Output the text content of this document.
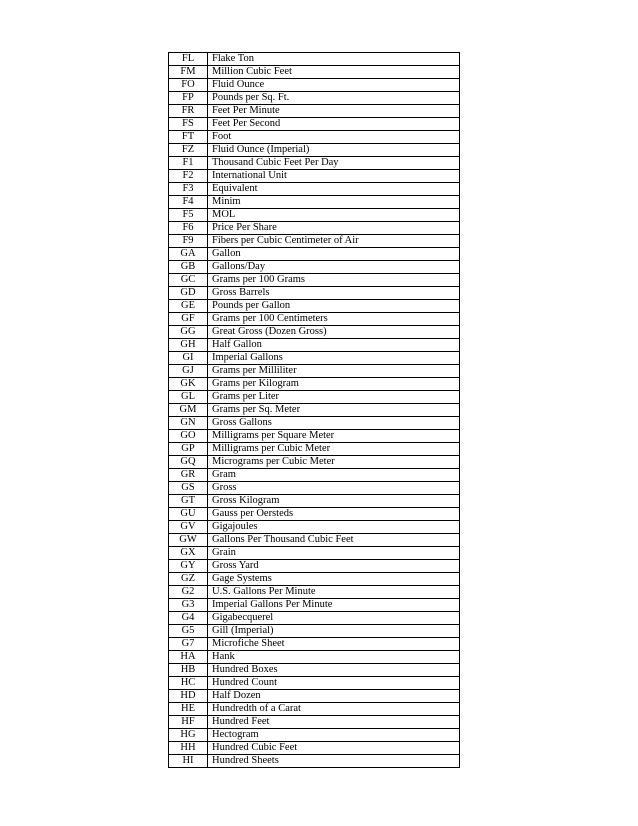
FL	Flake Ton
FM	Million Cubic Feet
FO	Fluid Ounce
FP	Pounds per Sq. Ft.
FR	Feet Per Minute
FS	Feet Per Second
FT	Foot
FZ	Fluid Ounce (Imperial)
F1	Thousand Cubic Feet Per Day
F2	International Unit
F3	Equivalent
F4	Minim
F5	MOL
F6	Price Per Share
F9	Fibers per Cubic Centimeter of Air
GA	Gallon
GB	Gallons/Day
GC	Grams per 100 Grams
GD	Gross Barrels
GE	Pounds per Gallon
GF	Grams per 100 Centimeters
GG	Great Gross (Dozen Gross)
GH	Half Gallon
GI	Imperial Gallons
GJ	Grams per Milliliter
GK	Grams per Kilogram
GL	Grams per Liter
GM	Grams per Sq. Meter
GN	Gross Gallons
GO	Milligrams per Square Meter
GP	Milligrams per Cubic Meter
GQ	Micrograms per Cubic Meter
GR	Gram
GS	Gross
GT	Gross Kilogram
GU	Gauss per Oersteds
GV	Gigajoules
GW	Gallons Per Thousand Cubic Feet
GX	Grain
GY	Gross Yard
GZ	Gage Systems
G2	U.S. Gallons Per Minute
G3	Imperial Gallons Per Minute
G4	Gigabecquerel
G5	Gill (Imperial)
G7	Microfiche Sheet
HA	Hank
HB	Hundred Boxes
HC	Hundred Count
HD	Half Dozen
HE	Hundredth of a Carat
HF	Hundred Feet
HG	Hectogram
HH	Hundred Cubic Feet
HI	Hundred Sheets
